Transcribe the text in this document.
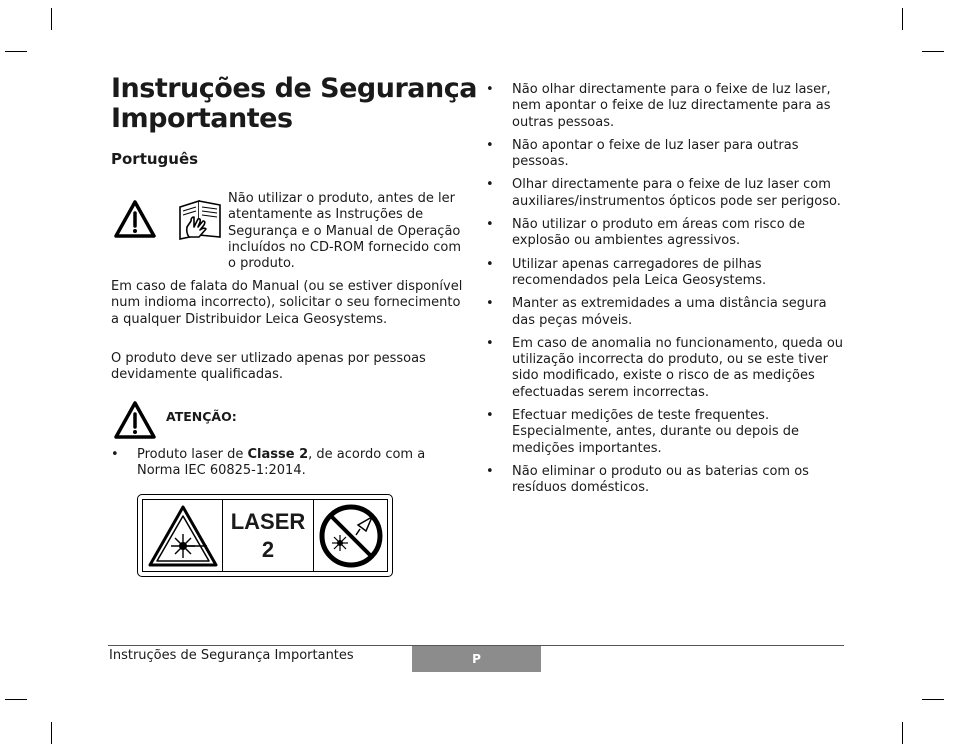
Instruções de Segurança
Importantes
Português
Não utilizar o produto, antes de ler atentamente as Instruções de Segurança e o Manual de Operação incluídos no CD-ROM fornecido com o produto.

Em caso de falata do Manual (ou se estiver disponível num indioma incorrecto), solicitar o seu fornecimento a qualquer Distribuidor Leica Geosystems.

O produto deve ser utlizado apenas por pessoas devidamente qualificadas.

ATENÇÃO:
• Produto laser de Classe 2, de acordo com a Norma IEC 60825-1:2014.
LASER
2
• Não olhar directamente para o feixe de luz laser, nem apontar o feixe de luz directamente para as outras pessoas.
• Não apontar o feixe de luz laser para outras pessoas.
• Olhar directamente para o feixe de luz laser com auxiliares/instrumentos ópticos pode ser perigoso.
• Não utilizar o produto em áreas com risco de explosão ou ambientes agressivos.
• Utilizar apenas carregadores de pilhas recomendados pela Leica Geosystems.
• Manter as extremidades a uma distância segura das peças móveis.
• Em caso de anomalia no funcionamento, queda ou utilização incorrecta do produto, ou se este tiver sido modificado, existe o risco de as medições efectuadas serem incorrectas.
• Efectuar medições de teste frequentes. Especialmente, antes, durante ou depois de medições importantes.
• Não eliminar o produto ou as baterias com os resíduos domésticos.
Instruções de Segurança Importantes	P
